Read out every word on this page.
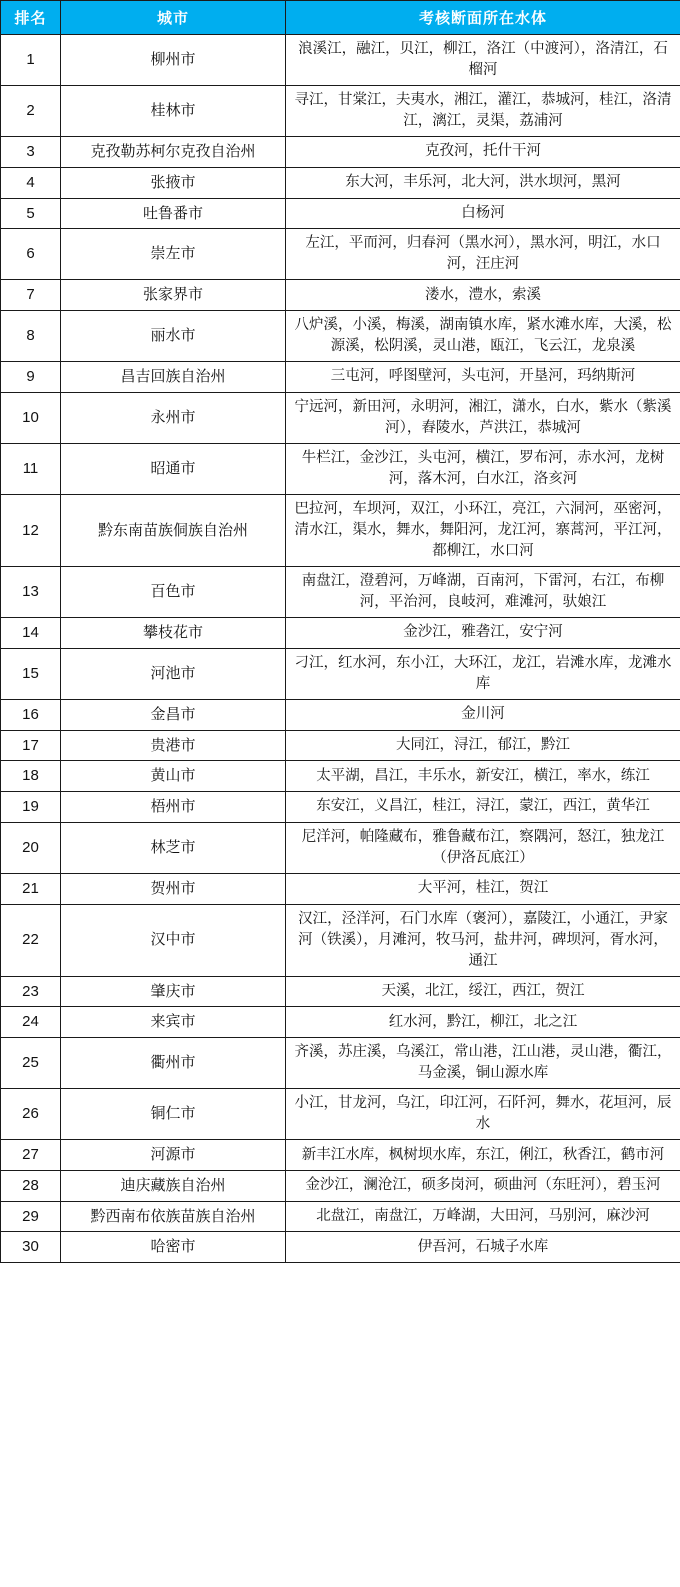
排名	城市	考核断面所在水体
1	柳州市	浪溪江，融江，贝江，柳江，洛江（中渡河），洛清江，石榴河
2	桂林市	寻江，甘棠江，夫夷水，湘江，灌江，恭城河，桂江，洛清江，漓江，灵渠，荔浦河
3	克孜勒苏柯尔克孜自治州	克孜河，托什干河
4	张掖市	东大河，丰乐河，北大河，洪水坝河，黑河
5	吐鲁番市	白杨河
6	崇左市	左江，平而河，归春河（黑水河），黑水河，明江，水口河，汪庄河
7	张家界市	溇水，澧水，索溪
8	丽水市	八炉溪，小溪，梅溪，湖南镇水库，紧水滩水库，大溪，松源溪，松阴溪，灵山港，瓯江，飞云江，龙泉溪
9	昌吉回族自治州	三屯河，呼图壁河，头屯河，开垦河，玛纳斯河
10	永州市	宁远河，新田河，永明河，湘江，潇水，白水，紫水（紫溪河），舂陵水，芦洪江，恭城河
11	昭通市	牛栏江，金沙江，头屯河，横江，罗布河，赤水河，龙树河，落木河，白水江，洛亥河
12	黔东南苗族侗族自治州	巴拉河，车坝河，双江，小环江，亮江，六洞河，巫密河，清水江，渠水，舞水，舞阳河，龙江河，寨蒿河，平江河，都柳江，水口河
13	百色市	南盘江，澄碧河，万峰湖，百南河，下雷河，右江，布柳河，平治河，良岐河，难滩河，驮娘江
14	攀枝花市	金沙江，雅砻江，安宁河
15	河池市	刁江，红水河，东小江，大环江，龙江，岩滩水库，龙滩水库
16	金昌市	金川河
17	贵港市	大同江，浔江，郁江，黔江
18	黄山市	太平湖，昌江，丰乐水，新安江，横江，率水，练江
19	梧州市	东安江，义昌江，桂江，浔江，蒙江，西江，黄华江
20	林芝市	尼洋河，帕隆藏布，雅鲁藏布江，察隅河，怒江，独龙江（伊洛瓦底江）
21	贺州市	大平河，桂江，贺江
22	汉中市	汉江，泾洋河，石门水库（褒河），嘉陵江，小通江，尹家河（铁溪），月滩河，牧马河，盐井河，碑坝河，胥水河，通江
23	肇庆市	天溪，北江，绥江，西江，贺江
24	来宾市	红水河，黔江，柳江，北之江
25	衢州市	齐溪，苏庄溪，乌溪江，常山港，江山港，灵山港，衢江，马金溪，铜山源水库
26	铜仁市	小江，甘龙河，乌江，印江河，石阡河，舞水，花垣河，辰水
27	河源市	新丰江水库，枫树坝水库，东江，俐江，秋香江，鹤市河
28	迪庆藏族自治州	金沙江，澜沧江，硕多岗河，硕曲河（东旺河），碧玉河
29	黔西南布依族苗族自治州	北盘江，南盘江，万峰湖，大田河，马别河，麻沙河
30	哈密市	伊吾河，石城子水库
